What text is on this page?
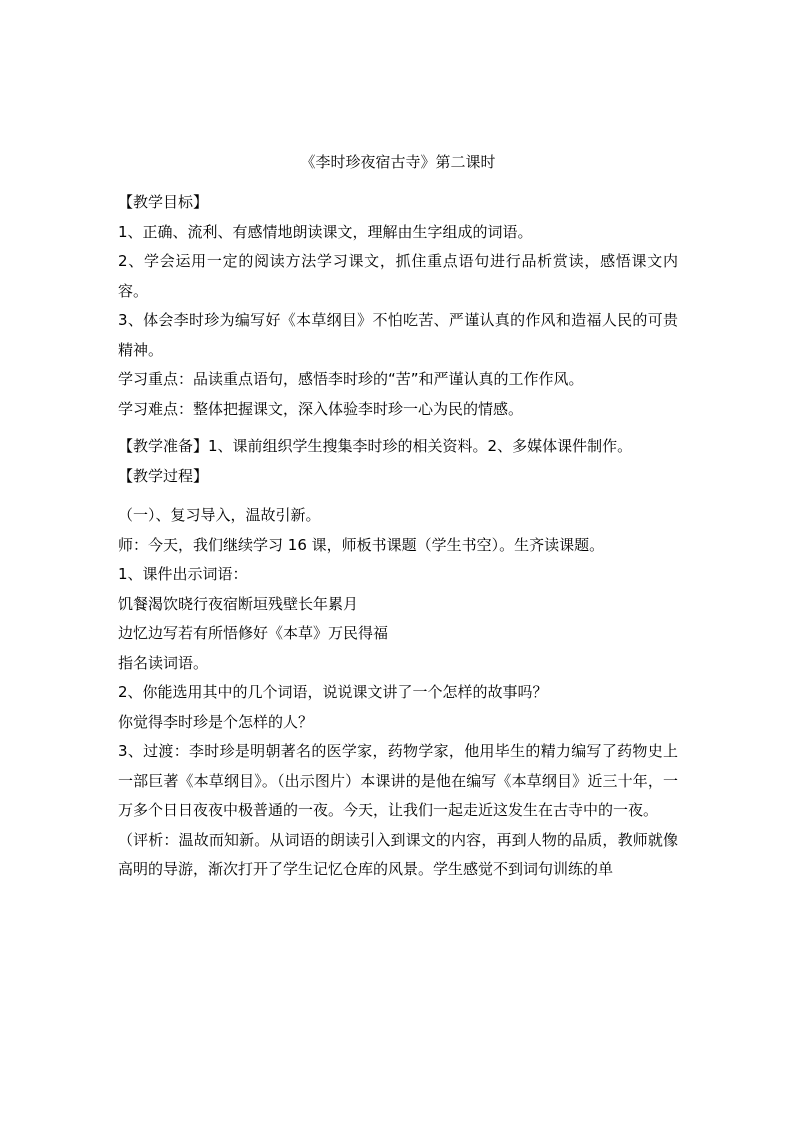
《李时珍夜宿古寺》第二课时
【教学目标】
1、正确、流利、有感情地朗读课文，理解由生字组成的词语。
2、学会运用一定的阅读方法学习课文，抓住重点语句进行品析赏读，感悟课文内容。
3、体会李时珍为编写好《本草纲目》不怕吃苦、严谨认真的作风和造福人民的可贵精神。
学习重点：品读重点语句，感悟李时珍的“苦”和严谨认真的工作作风。
学习难点：整体把握课文，深入体验李时珍一心为民的情感。
【教学准备】1、课前组织学生搜集李时珍的相关资料。2、多媒体课件制作。
【教学过程】
（一）、复习导入，温故引新。
师：今天，我们继续学习 16 课，师板书课题（学生书空）。生齐读课题。
1、课件出示词语：
饥餐渴饮晓行夜宿断垣残壁长年累月
边忆边写若有所悟修好《本草》万民得福
指名读词语。
2、你能选用其中的几个词语，说说课文讲了一个怎样的故事吗？
你觉得李时珍是个怎样的人？
3、过渡：李时珍是明朝著名的医学家，药物学家，他用毕生的精力编写了药物史上一部巨著《本草纲目》。（出示图片）本课讲的是他在编写《本草纲目》近三十年，一万多个日日夜夜中极普通的一夜。今天，让我们一起走近这发生在古寺中的一夜。
（评析：温故而知新。从词语的朗读引入到课文的内容，再到人物的品质，教师就像高明的导游，渐次打开了学生记忆仓库的风景。学生感觉不到词句训练的单
